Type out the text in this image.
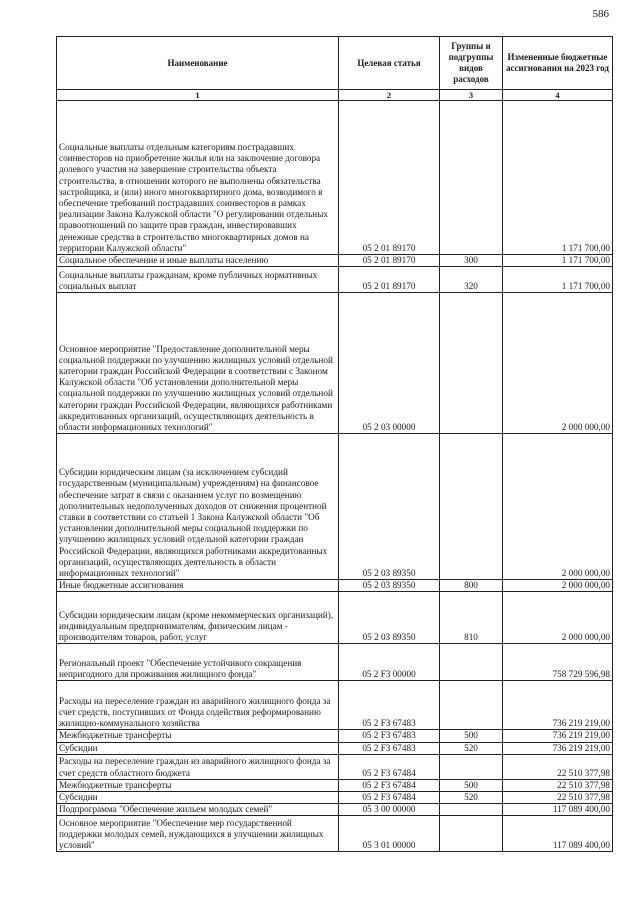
586
Наименование	Целевая статья	Группы и подгруппы видов расходов	Измененные бюджетные ассигнования на 2023 год
1	2	3	4
Социальные выплаты отдельным категориям пострадавших соинвесторов на приобретение жилья или на заключение договора долевого участия на завершение строительства объекта строительства, в отношении которого не выполнены обязательства застройщика, и (или) иного многоквартирного дома, возводимого в обеспечение требований пострадавших соинвесторов в рамках реализации Закона Калужской области "О регулировании отдельных правоотношений по защите прав граждан, инвестировавших денежные средства в строительство многоквартирных домов на территории Калужской области"	05 2 01 89170		1 171 700,00
Социальное обеспечение и иные выплаты населению	05 2 01 89170	300	1 171 700,00
Социальные выплаты гражданам, кроме публичных нормативных социальных выплат	05 2 01 89170	320	1 171 700,00
Основное мероприятие "Предоставление дополнительной меры социальной поддержки по улучшению жилищных условий отдельной категории граждан Российской Федерации в соответствии с Законом Калужской области "Об установлении дополнительной меры социальной поддержки по улучшению жилищных условий отдельной категории граждан Российской Федерации, являющихся работниками аккредитованных организаций, осуществляющих деятельность в области информационных технологий"	05 2 03 00000		2 000 000,00
Субсидии юридическим лицам (за исключением субсидий государственным (муниципальным) учреждениям) на финансовое обеспечение затрат в связи с оказанием услуг по возмещению дополнительных недополученных доходов от снижения процентной ставки в соответствии со статьей 1 Закона Калужской области "Об установлении дополнительной меры социальной поддержки по улучшению жилищных условий отдельной категории граждан Российской Федерации, являющихся работниками аккредитованных организаций, осуществляющих деятельность в области информационных технологий"	05 2 03 89350		2 000 000,00
Иные бюджетные ассигнования	05 2 03 89350	800	2 000 000,00
Субсидии юридическим лицам (кроме некоммерческих организаций), индивидуальным предпринимателям, физическим лицам - производителям товаров, работ, услуг	05 2 03 89350	810	2 000 000,00
Региональный проект "Обеспечение устойчивого сокращения непригодного для проживания жилищного фонда"	05 2 F3 00000		758 729 596,98
Расходы на переселение граждан из аварийного жилищного фонда за счет средств, поступивших от Фонда содействия реформированию жилищно-коммунального хозяйства	05 2 F3 67483		736 219 219,00
Межбюджетные трансферты	05 2 F3 67483	500	736 219 219,00
Субсидии	05 2 F3 67483	520	736 219 219,00
Расходы на переселение граждан из аварийного жилищного фонда за счет средств областного бюджета	05 2 F3 67484		22 510 377,98
Межбюджетные трансферты	05 2 F3 67484	500	22 510 377,98
Субсидии	05 2 F3 67484	520	22 510 377,98
Подпрограмма "Обеспечение жильем молодых семей"	05 3 00 00000		117 089 400,00
Основное мероприятие "Обеспечение мер государственной поддержки молодых семей, нуждающихся в улучшении жилищных условий"	05 3 01 00000		117 089 400,00
